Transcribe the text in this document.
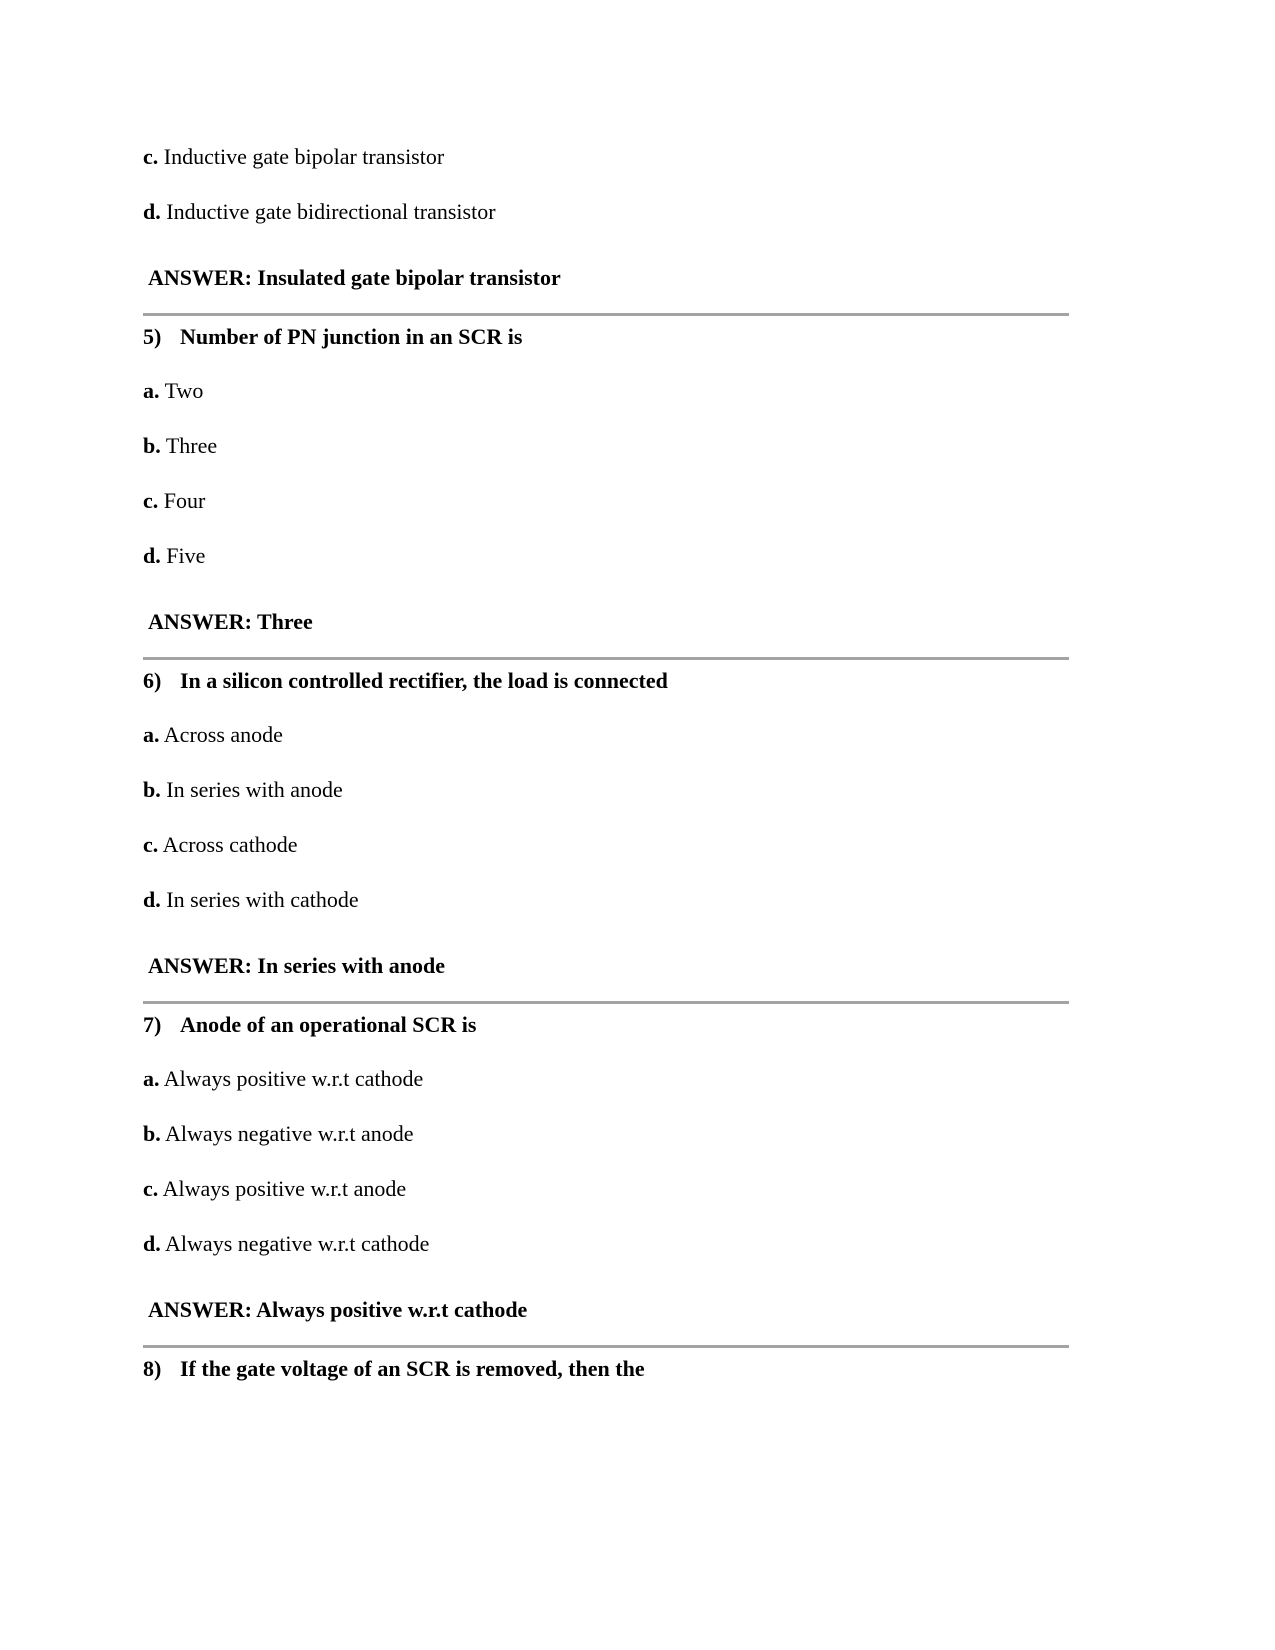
c. Inductive gate bipolar transistor
d. Inductive gate bidirectional transistor
ANSWER: Insulated gate bipolar transistor
5) Number of PN junction in an SCR is
a. Two
b. Three
c. Four
d. Five
ANSWER: Three
6) In a silicon controlled rectifier, the load is connected
a. Across anode
b. In series with anode
c. Across cathode
d. In series with cathode
ANSWER: In series with anode
7) Anode of an operational SCR is
a. Always positive w.r.t cathode
b. Always negative w.r.t anode
c. Always positive w.r.t anode
d. Always negative w.r.t cathode
ANSWER: Always positive w.r.t cathode
8) If the gate voltage of an SCR is removed, then the
